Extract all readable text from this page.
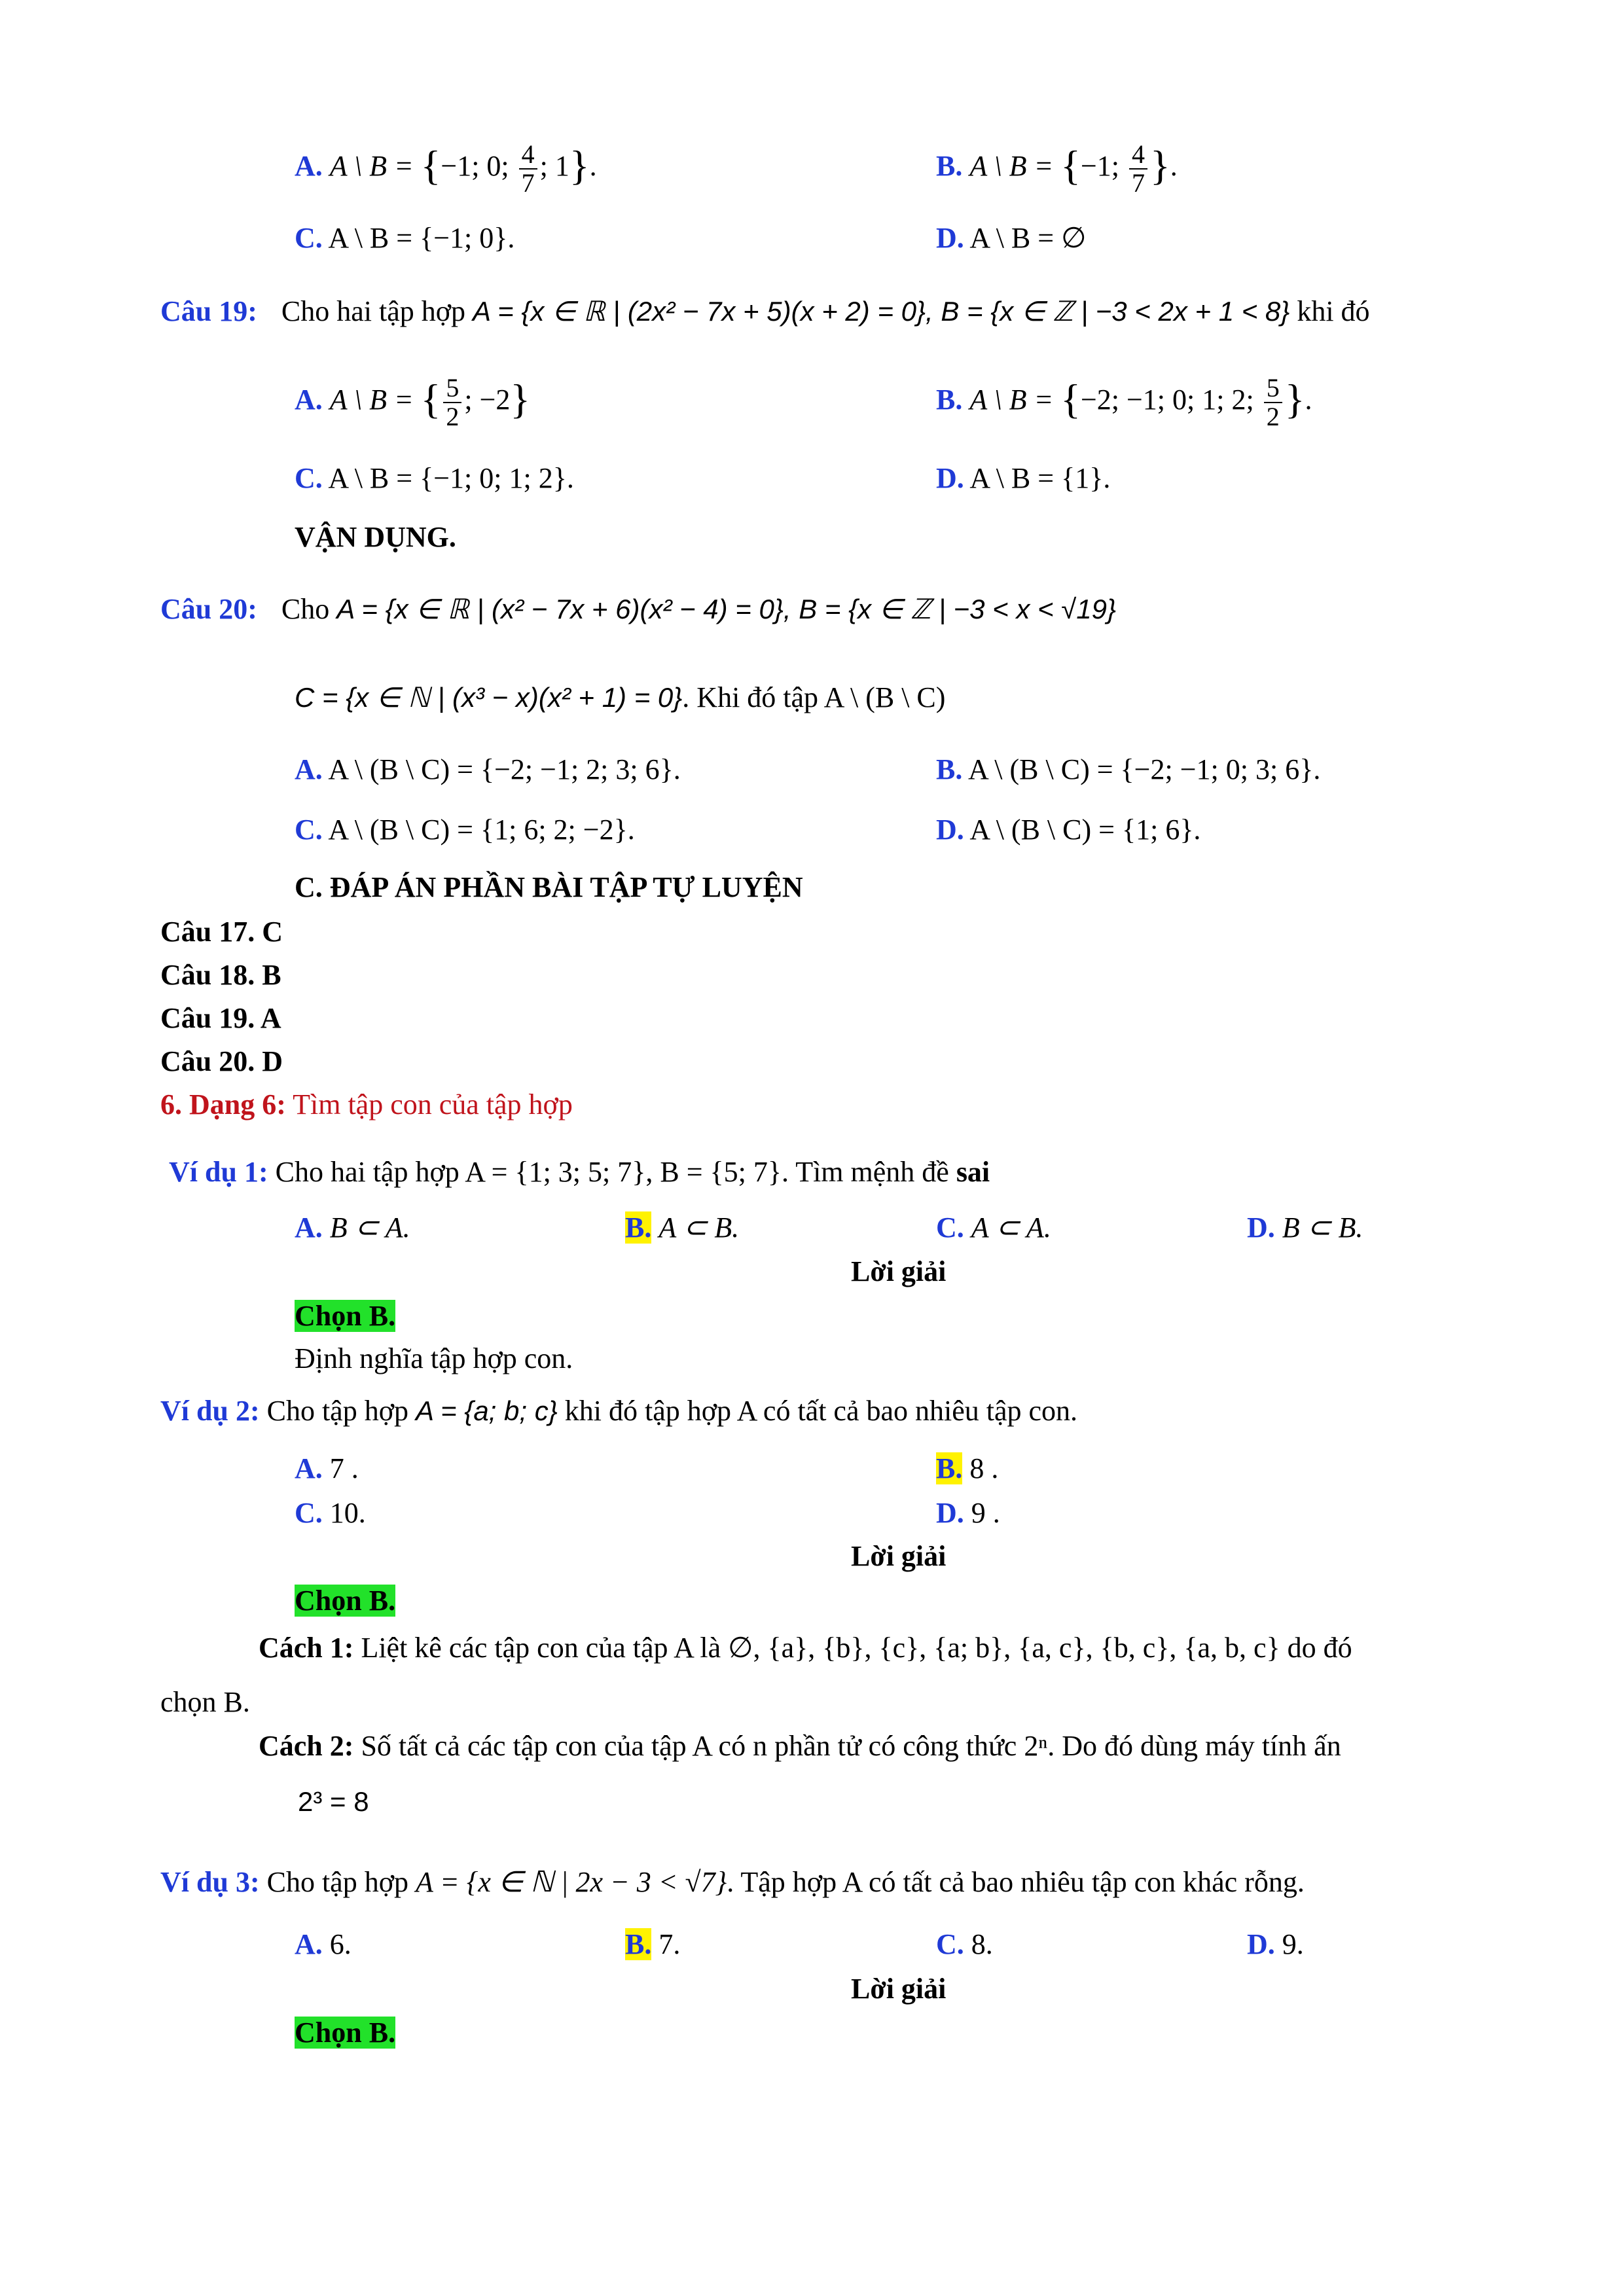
A. A \ B = {−1; 0; $\frac{4}{7}$ ; 1}.	B. A \ B = {−1; $\frac{4}{7}$ }.
C. A \ B = {−1; 0}.	D. A \ B = ∅
Câu 19: Cho hai tập hợp A = {x ∈ ℝ | (2x² − 7x + 5)(x + 2) = 0}, B = {x ∈ ℤ | −3 < 2x + 1 < 8} khi đó
A. A \ B = { $\frac{5}{2}$ ; −2}	B. A \ B = {−2; −1; 0; 1; 2; $\frac{5}{2}$ }.
C. A \ B = {−1; 0; 1; 2}.	D. A \ B = {1}.
VẬN DỤNG.
Câu 20: Cho A = {x ∈ ℝ | (x² − 7x + 6)(x² − 4) = 0}, B = {x ∈ ℤ | −3 < x < √19}
C = {x ∈ ℕ | (x³ − x)(x² + 1) = 0}. Khi đó tập A \ (B \ C)
A. A \ (B \ C) = {−2; −1; 2; 3; 6}.	B. A \ (B \ C) = {−2; −1; 0; 3; 6}.
C. A \ (B \ C) = {1; 6; 2; −2}.	D. A \ (B \ C) = {1; 6}.
C. ĐÁP ÁN PHẦN BÀI TẬP TỰ LUYỆN
Câu 17. C
Câu 18. B
Câu 19. A
Câu 20. D
6. Dạng 6: Tìm tập con của tập hợp
Ví dụ 1: Cho hai tập hợp A = {1; 3; 5; 7}, B = {5; 7}. Tìm mệnh đề sai
A. B ⊂ A.	B. A ⊂ B.	C. A ⊂ A.	D. B ⊂ B.
Lời giải
Chọn B.
Định nghĩa tập hợp con.
Ví dụ 2: Cho tập hợp A = {a; b; c} khi đó tập hợp A có tất cả bao nhiêu tập con.
A. 7 .	B. 8 .
C. 10.	D. 9 .
Lời giải
Chọn B.
Cách 1: Liệt kê các tập con của tập A là ∅, {a}, {b}, {c}, {a; b}, {a, c}, {b, c}, {a, b, c} do đó
chọn B.
Cách 2: Số tất cả các tập con của tập A có n phần tử có công thức 2ⁿ. Do đó dùng máy tính ấn
2³ = 8
Ví dụ 3: Cho tập hợp A = {x ∈ ℕ | 2x − 3 < √7}. Tập hợp A có tất cả bao nhiêu tập con khác rỗng.
A. 6.	B. 7.	C. 8.	D. 9.
Lời giải
Chọn B.
